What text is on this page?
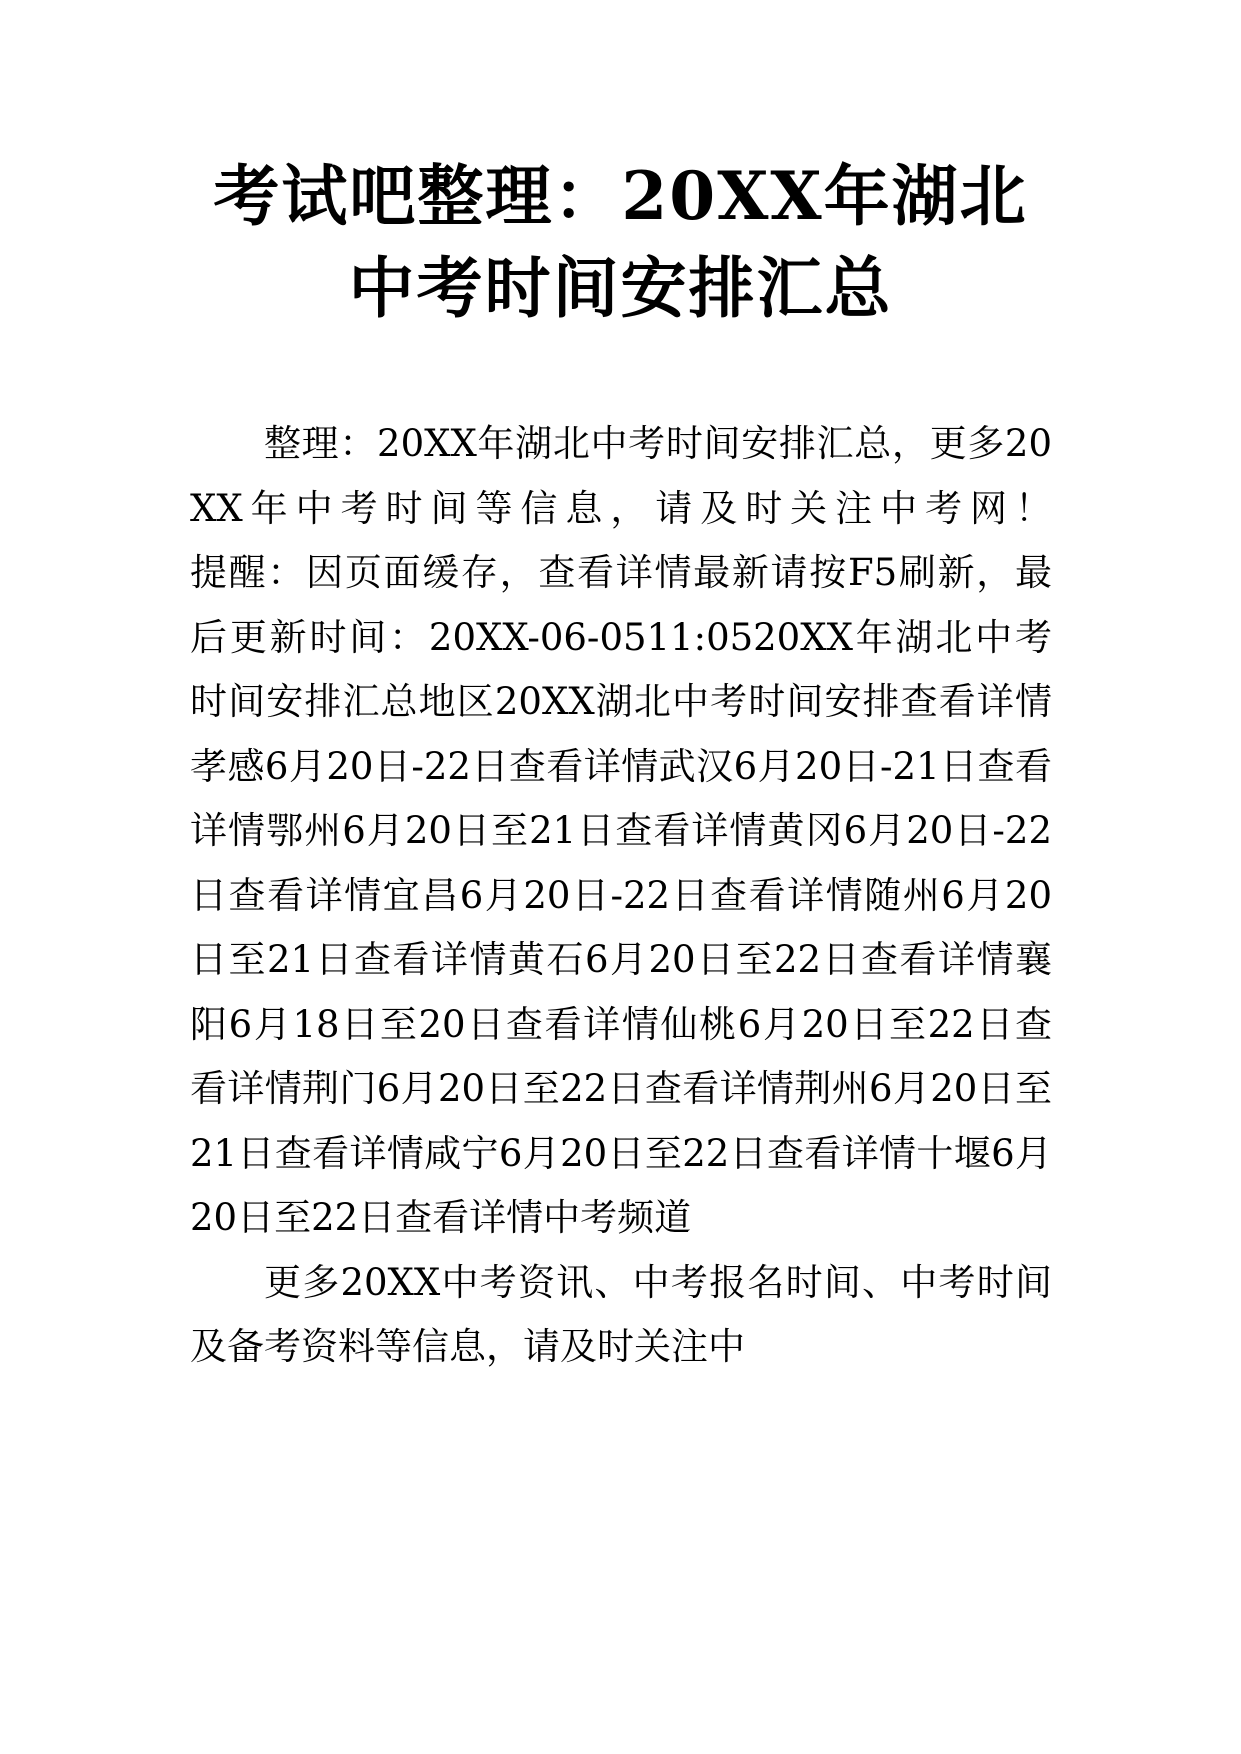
考试吧整理：20XX年湖北
中考时间安排汇总

整理：20XX年湖北中考时间安排汇总，更多20XX年中考时间等信息，请及时关注中考网！　　　　提醒：因页面缓存，查看详情最新请按F5刷新，最后更新时间：20XX-06-0511:0520XX年湖北中考时间安排汇总地区20XX湖北中考时间安排查看详情孝感6月20日-22日查看详情武汉6月20日-21日查看详情鄂州6月20日至21日查看详情黄冈6月20日-22日查看详情宜昌6月20日-22日查看详情随州6月20日至21日查看详情黄石6月20日至22日查看详情襄阳6月18日至20日查看详情仙桃6月20日至22日查看详情荆门6月20日至22日查看详情荆州6月20日至21日查看详情咸宁6月20日至22日查看详情十堰6月20日至22日查看详情中考频道

更多20XX中考资讯、中考报名时间、中考时间及备考资料等信息，请及时关注中
